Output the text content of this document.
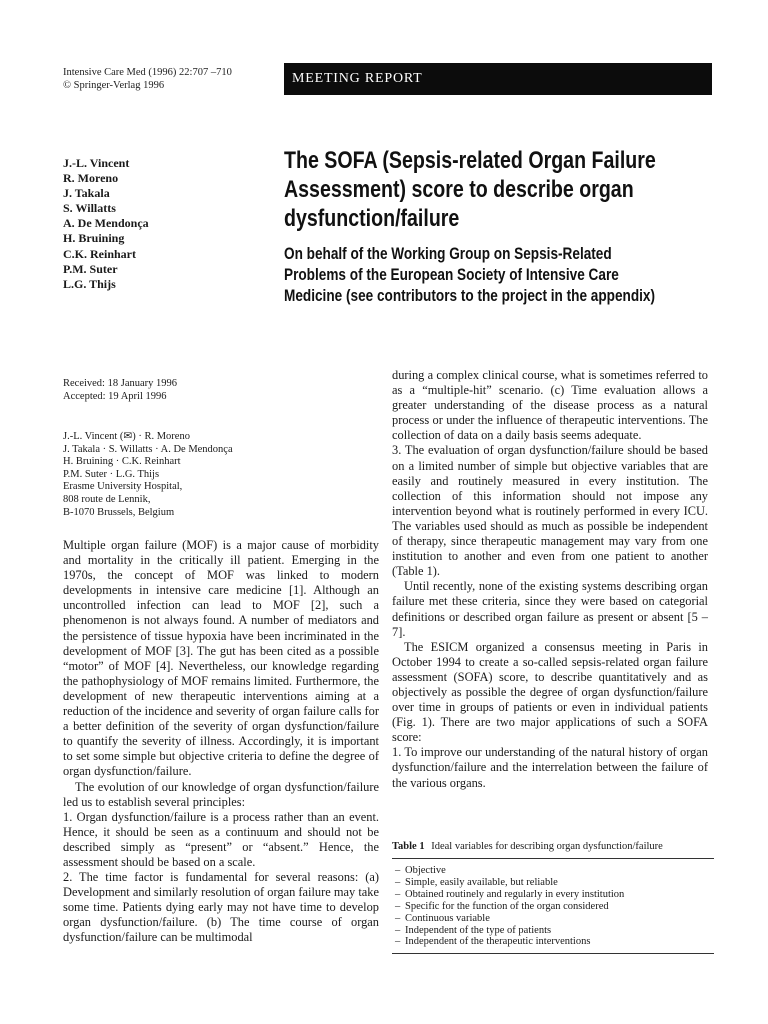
Intensive Care Med (1996) 22:707 –710
© Springer-Verlag 1996	MEETING REPORT
J.-L. Vincent
R. Moreno
J. Takala
S. Willatts
A. De Mendonça
H. Bruining
C.K. Reinhart
P.M. Suter
L.G. Thijs
The SOFA (Sepsis-related Organ Failure
Assessment) score to describe organ
dysfunction/failure
On behalf of the Working Group on Sepsis-Related
Problems of the European Society of Intensive Care
Medicine (see contributors to the project in the appendix)
Received: 18 January 1996
Accepted: 19 April 1996
J.-L. Vincent (✉) · R. Moreno
J. Takala · S. Willatts · A. De Mendonça
H. Bruining · C.K. Reinhart
P.M. Suter · L.G. Thijs
Erasme University Hospital,
808 route de Lennik,
B-1070 Brussels, Belgium

Multiple organ failure (MOF) is a major cause of morbidity and mortality in the critically ill patient. Emerging in the 1970s, the concept of MOF was linked to modern developments in intensive care medicine [1]. Although an uncontrolled infection can lead to MOF [2], such a phenomenon is not always found. A number of mediators and the persistence of tissue hypoxia have been incriminated in the development of MOF [3]. The gut has been cited as a possible “motor” of MOF [4]. Nevertheless, our knowledge regarding the pathophysiology of MOF remains limited. Furthermore, the development of new therapeutic interventions aiming at a reduction of the incidence and severity of organ failure calls for a better definition of the severity of organ dysfunction/failure to quantify the severity of illness. Accordingly, it is important to set some simple but objective criteria to define the degree of organ dysfunction/failure.

The evolution of our knowledge of organ dysfunction/failure led us to establish several principles:

1. Organ dysfunction/failure is a process rather than an event. Hence, it should be seen as a continuum and should not be described simply as “present” or “absent.” Hence, the assessment should be based on a scale.

2. The time factor is fundamental for several reasons: (a) Development and similarly resolution of organ failure may take some time. Patients dying early may not have time to develop organ dysfunction/failure. (b) The time course of organ dysfunction/failure can be multimodal

during a complex clinical course, what is sometimes referred to as a “multiple-hit” scenario. (c) Time evaluation allows a greater understanding of the disease process as a natural process or under the influence of therapeutic interventions. The collection of data on a daily basis seems adequate.

3. The evaluation of organ dysfunction/failure should be based on a limited number of simple but objective variables that are easily and routinely measured in every institution. The collection of this information should not impose any intervention beyond what is routinely performed in every ICU. The variables used should as much as possible be independent of therapy, since therapeutic management may vary from one institution to another and even from one patient to another (Table 1).

Until recently, none of the existing systems describing organ failure met these criteria, since they were based on categorial definitions or described organ failure as present or absent [5 – 7].

The ESICM organized a consensus meeting in Paris in October 1994 to create a so-called sepsis-related organ failure assessment (SOFA) score, to describe quantitatively and as objectively as possible the degree of organ dysfunction/failure over time in groups of patients or even in individual patients (Fig. 1). There are two major applications of such a SOFA score:

1. To improve our understanding of the natural history of organ dysfunction/failure and the interrelation between the failure of the various organs.

Table 1 Ideal variables for describing organ dysfunction/failure
– Objective
– Simple, easily available, but reliable
– Obtained routinely and regularly in every institution
– Specific for the function of the organ considered
– Continuous variable
– Independent of the type of patients
– Independent of the therapeutic interventions
